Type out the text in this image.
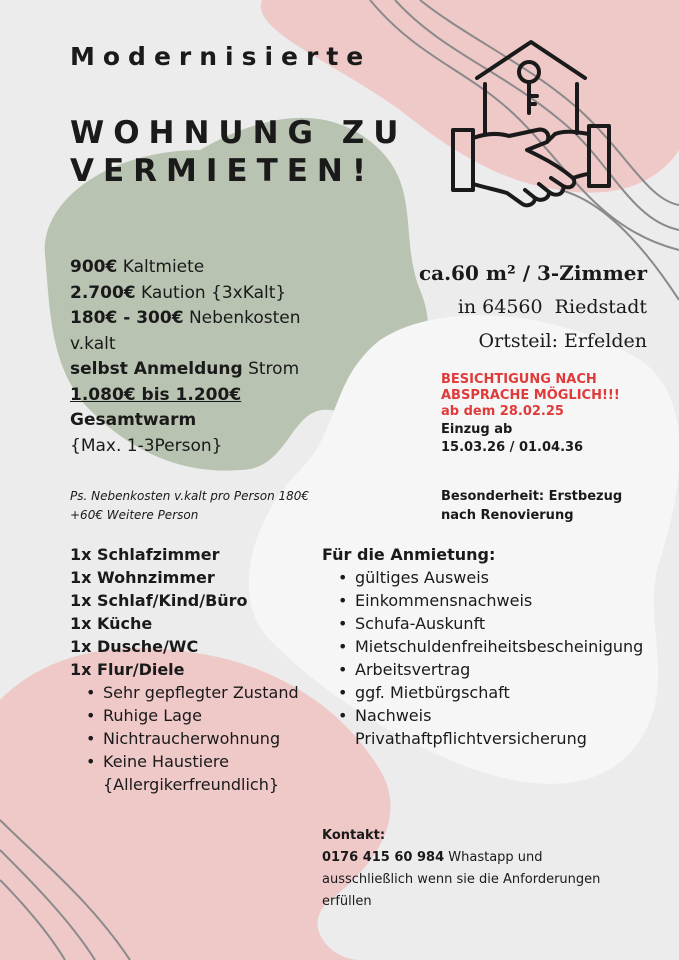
Modernisierte
WOHNUNG ZU
VERMIETEN!
900€ Kaltmiete
2.700€ Kaution {3xKalt}
180€ - 300€ Nebenkosten
v.kalt
selbst Anmeldung Strom
1.080€ bis 1.200€
Gesamtwarm
{Max. 1-3Person}
ca.60 m² / 3-Zimmer
in 64560  Riedstadt
Ortsteil: Erfelden
BESICHTIGUNG NACH
ABSPRACHE MÖGLICH!!!
ab dem 28.02.25
Einzug ab
15.03.26 / 01.04.36
Ps. Nebenkosten v.kalt pro Person 180€
+60€ Weitere Person
Besonderheit: Erstbezug
nach Renovierung
1x Schlafzimmer
1x Wohnzimmer
1x Schlaf/Kind/Büro
1x Küche
1x Dusche/WC
1x Flur/Diele
• Sehr gepflegter Zustand
• Ruhige Lage
• Nichtraucherwohnung
• Keine Haustiere
{Allergikerfreundlich}
Für die Anmietung:
• gültiges Ausweis
• Einkommensnachweis
• Schufa-Auskunft
• Mietschuldenfreiheitsbescheinigung
• Arbeitsvertrag
• ggf. Mietbürgschaft
• Nachweis
Privathaftpflichtversicherung
Kontakt:
0176 415 60 984 Whastapp und
ausschließlich wenn sie die Anforderungen
erfüllen
